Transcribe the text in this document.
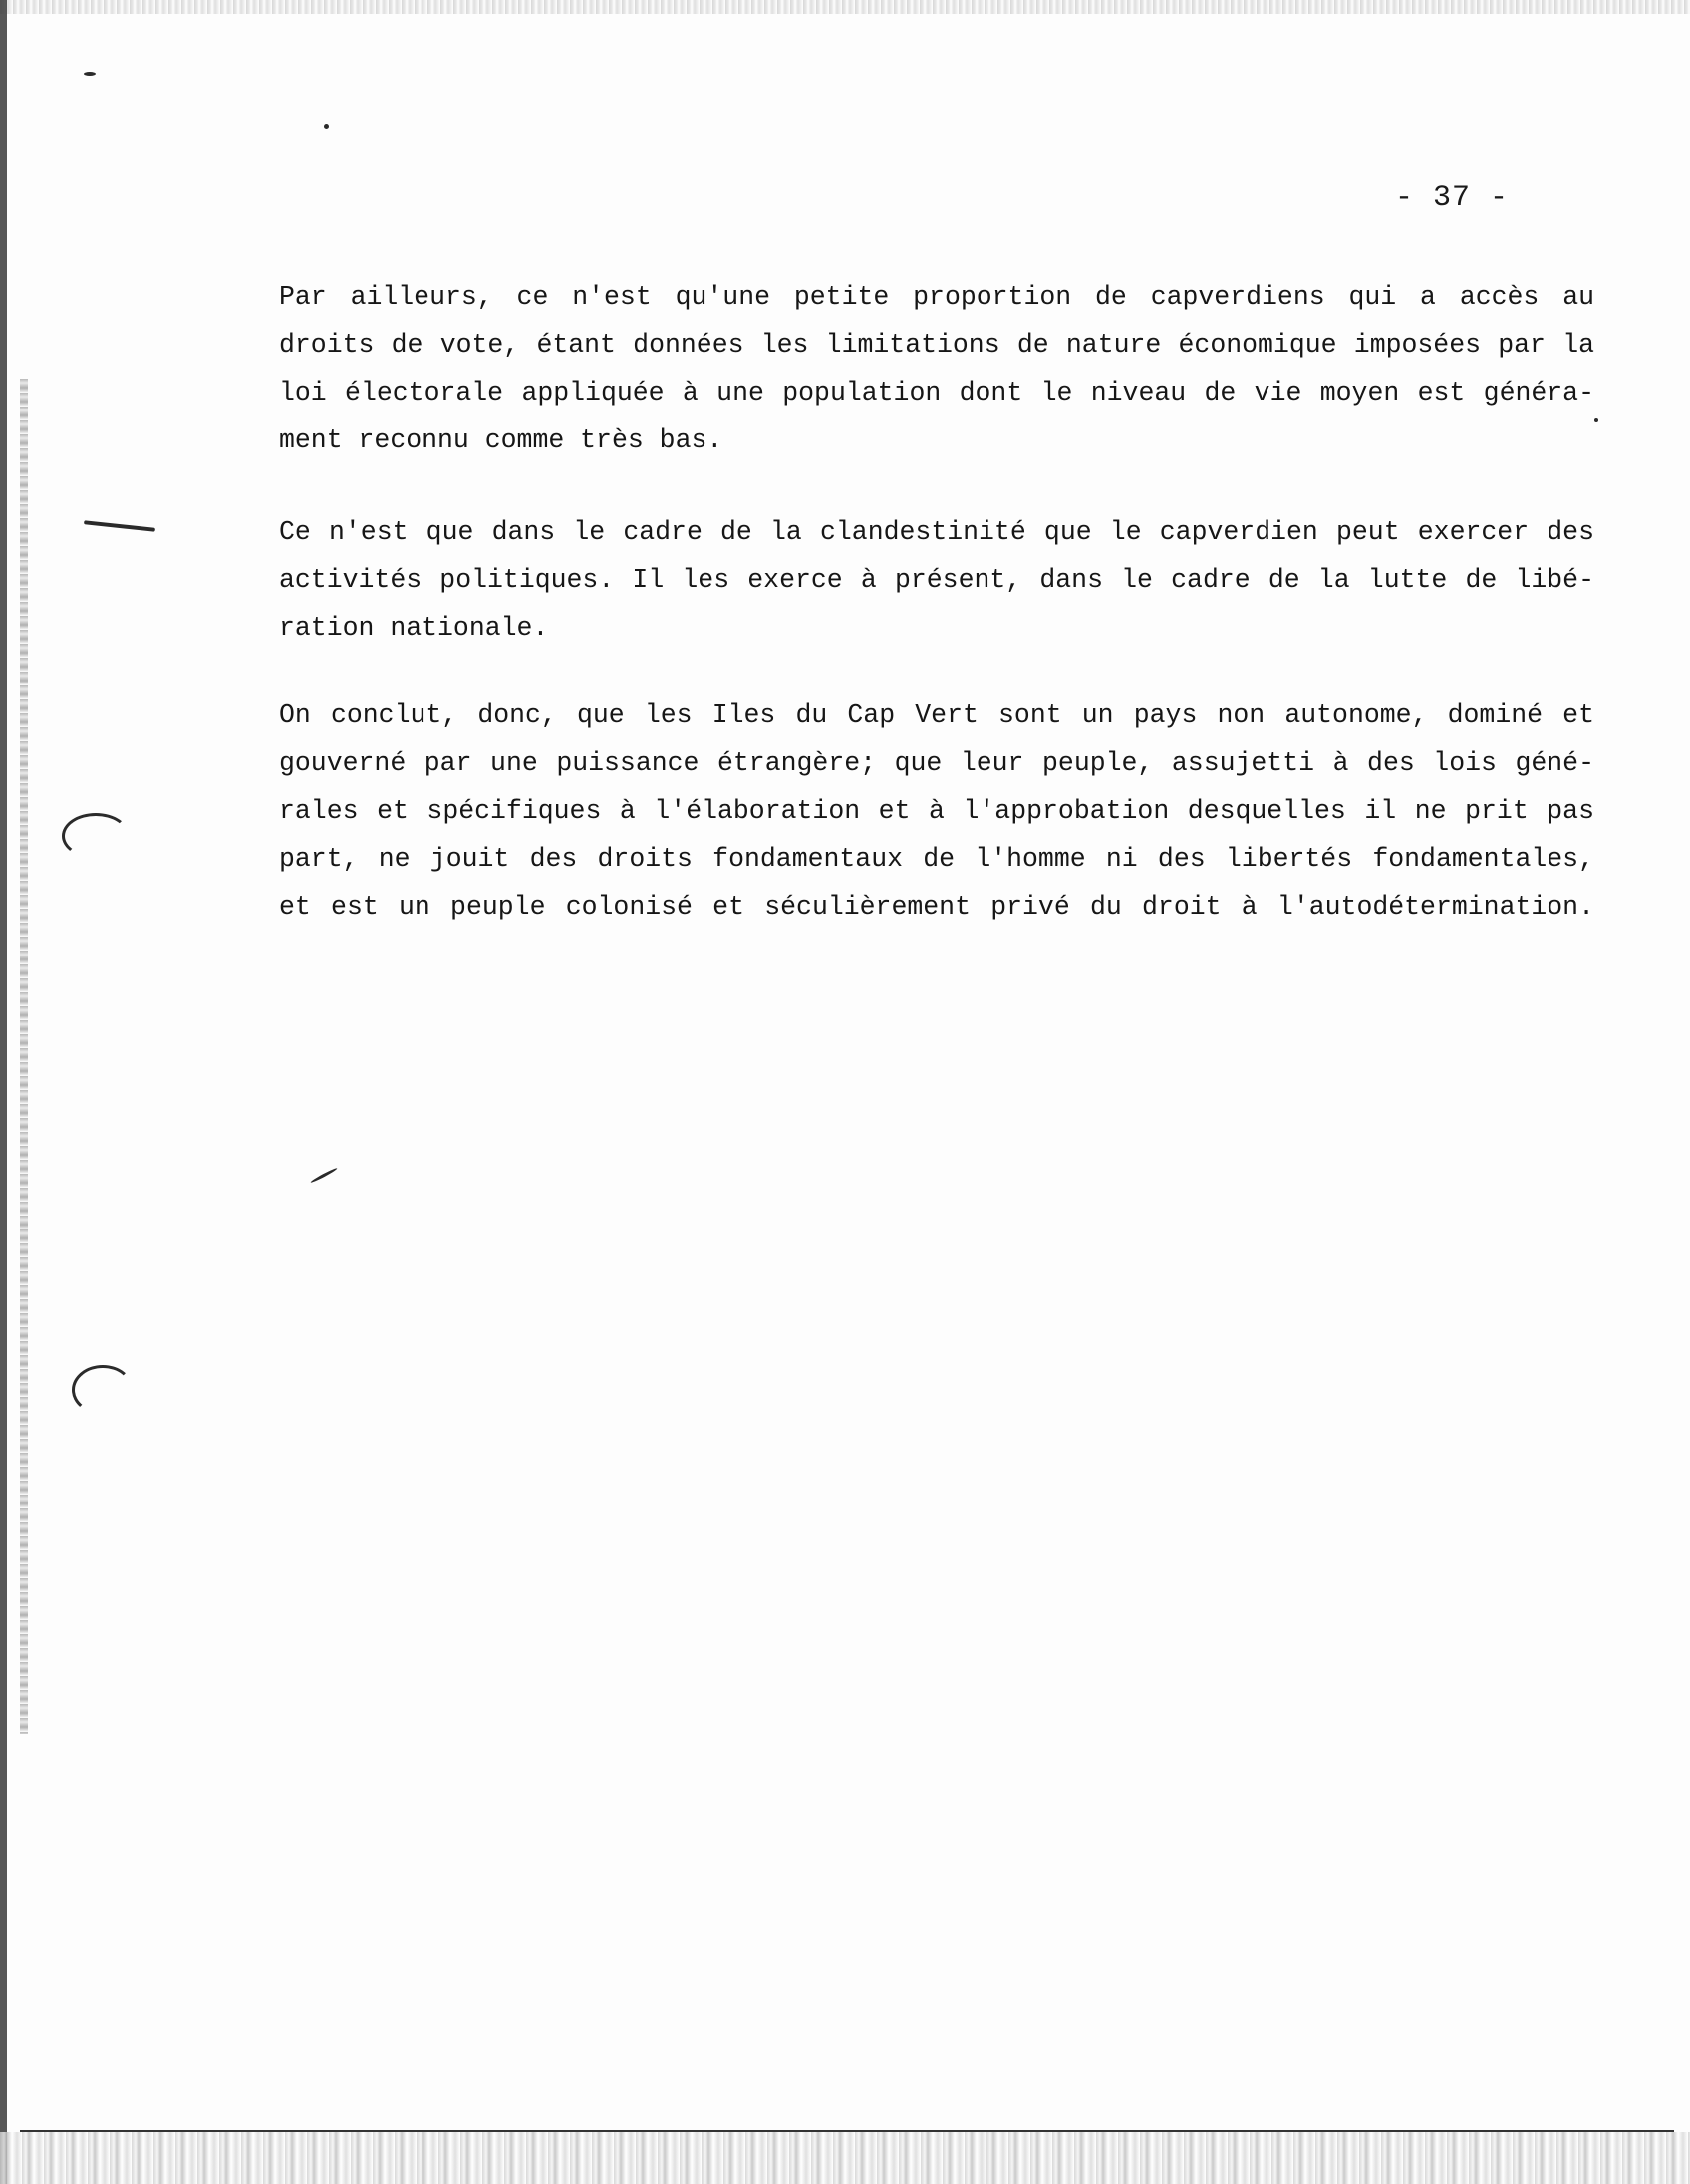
- 37 -
Par ailleurs, ce n'est qu'une petite proportion de capverdiens qui a accès au
droits de vote, étant données les limitations de nature économique imposées par la
loi électorale appliquée à une population dont le niveau de vie moyen est généra-
ment reconnu comme très bas.
Ce n'est que dans le cadre de la clandestinité que le capverdien peut exercer des
activités politiques. Il les exerce à présent, dans le cadre de la lutte de libé-
ration nationale.
On conclut, donc, que les Iles du Cap Vert sont un pays non autonome, dominé et
gouverné par une puissance étrangère; que leur peuple, assujetti à des lois géné-
rales et spécifiques à l'élaboration et à l'approbation desquelles il ne prit pas
part, ne jouit des droits fondamentaux de l'homme ni des libertés fondamentales,
et est un peuple colonisé et séculièrement privé du droit à l'autodétermination.
